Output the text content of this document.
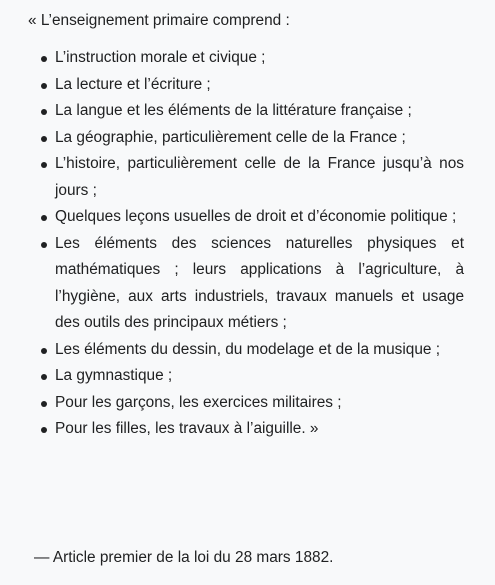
« L’enseignement primaire comprend :
L’instruction morale et civique ;
La lecture et l’écriture ;
La langue et les éléments de la littérature française ;
La géographie, particulièrement celle de la France ;
L’histoire, particulièrement celle de la France jusqu’à nos jours ;
Quelques leçons usuelles de droit et d’économie politique ;
Les éléments des sciences naturelles physiques et mathématiques ; leurs applications à l’agriculture, à l’hygiène, aux arts industriels, travaux manuels et usage des outils des principaux métiers ;
Les éléments du dessin, du modelage et de la musique ;
La gymnastique ;
Pour les garçons, les exercices militaires ;
Pour les filles, les travaux à l’aiguille. »
— Article premier de la loi du 28 mars 1882.
